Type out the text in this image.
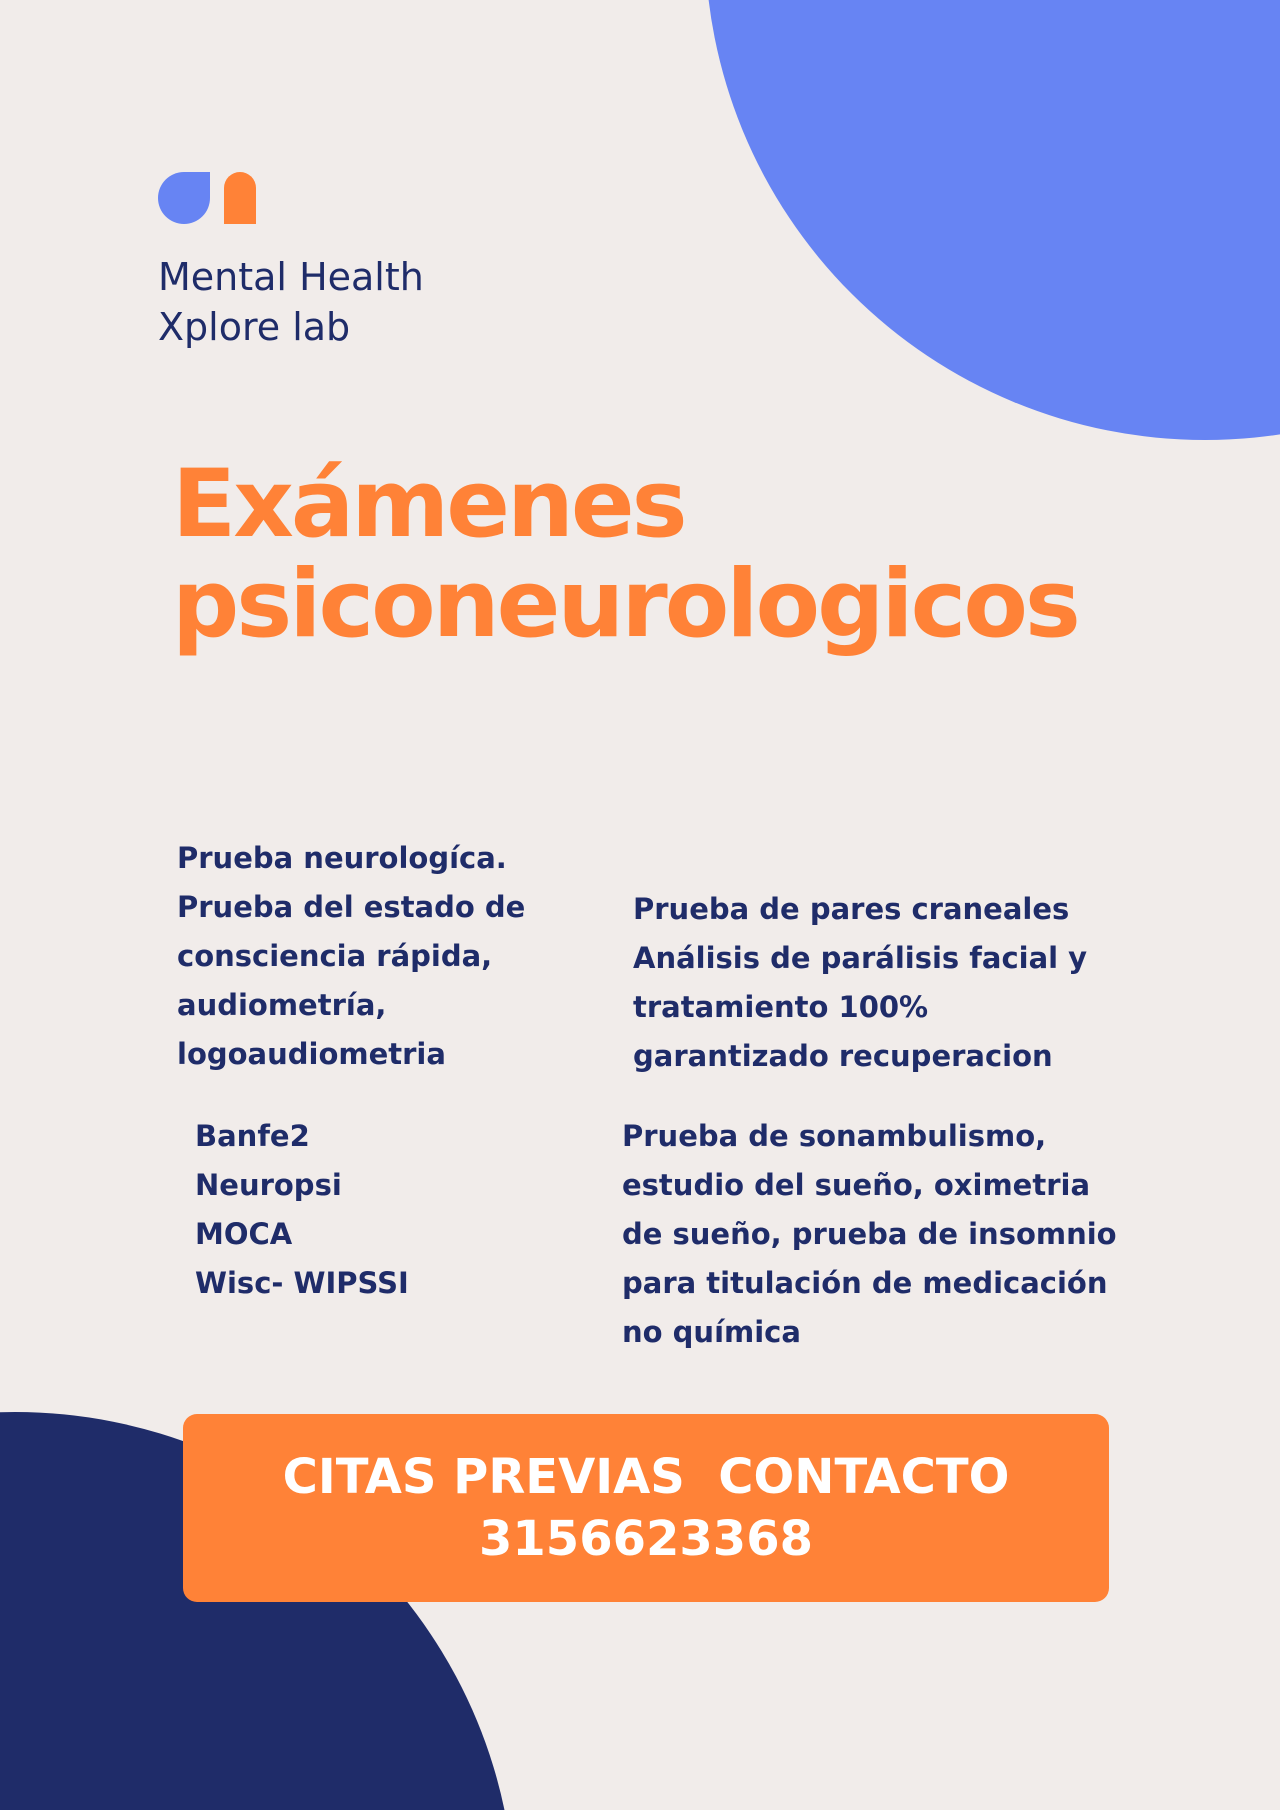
Mental Health
Xplore lab
Exámenes
psiconeurologicos
Prueba neurologíca.
Prueba del estado de
consciencia rápida,
audiometría,
logoaudiometria
Prueba de pares craneales
Análisis de parálisis facial y
tratamiento 100%
garantizado recuperacion
Banfe2
Neuropsi
MOCA
Wisc- WIPSSI
Prueba de sonambulismo,
estudio del sueño, oximetria
de sueño, prueba de insomnio
para titulación de medicación
no química
CITAS PREVIAS  CONTACTO
3156623368
